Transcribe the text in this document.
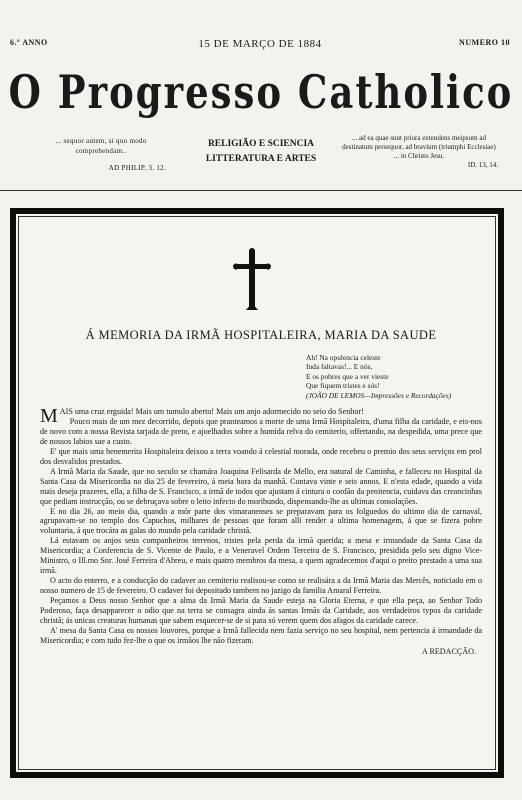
6.º ANNO	15 DE MARÇO DE 1884	NUMERO 10
O Progresso Catholico
... sequor autem, si quo modo comprehendam..
AD PHILIP. 3. 12.
RELIGIÃO E SCIENCIA
LITTERATURA E ARTES
... ad ea quae sunt priora extendens meipsum ad destinatum persequor, ad bravium (triumphi Ecclesiae) ... in Christo Jesu.
ID. 13, 14.
Á MEMORIA DA IRMÃ HOSPITALEIRA, MARIA DA SAUDE
Ah! Na opulencia celeste
Inda faltavas!... E nós,
E os pobres que a ver vieste
Que fiquem tristes e sós!
(JOÃO DE LEMOS—Impressões e Recordações)

MAIS uma cruz erguida! Mais um tumulo aberto! Mais um anjo adormecido no seio do Senhor!

Pouco mais de um mez decorrido, depois que pranteamos a morte de uma Irmã Hospitaleira, d'uma filha da caridade, e eis-nos de novo com a nossa Revista tarjada de preto, e ajoelhados sobre a humida relva do cemiterio, offertando, na despedida, uma prece que de nossos labios sae a custo.

E' que mais uma benemerita Hospitaleira deixou a terra voando á celestial morada, onde recebeu o premio dos seus serviços em prol dos desvalidos prestados.

A Irmã Maria da Saude, que no seculo se chamára Joaquina Felisarda de Mello, era natural de Caminha, e falleceu no Hospital da Santa Casa da Misericordia no dia 25 de fevereiro, á meia hora da manhã. Contava vinte e seis annos. E n'esta edade, quando a vida mais deseja prazeres, ella, a filha de S. Francisco, a irmã de todos que ajustam á cintura o cordão da penitencia, cuidava das creancinhas que pediam instrucção, ou se debruçava sobre o leito infecto do moribundo, dispensando-lhe as ultimas consolações.

E no dia 26, ao meio dia, quando a mór parte dos vimaranenses se preparavam para os folguedos do ultimo dia de carnaval, agrupavam-se no templo dos Capuchos, milhares de pessoas que foram alli render a ultima homenagem, á que se fizera pobre voluntaria, á que trocára as galas do mundo pela caridade christã.

Lá estavam os anjos seus companheiros terrenos, tristes pela perda da irmã querida; a mesa e irmandade da Santa Casa da Misericordia; a Conferencia de S. Vicente de Paulo, e a Veneravel Ordem Terceira de S. Francisco, presidida pelo seu digno Vice-Ministro, o Ill.mo Snr. José Ferreira d'Abreu, e mais quatro membros da mesa, a quem agradecemos d'aqui o preito prestado a uma sua irmã.

O acto do enterro, e a conducção do cadaver ao cemiterio realisou-se como se realisára a da Irmã Maria das Mercês, noticiado em o nosso numero de 15 de fevereiro. O cadaver foi depositado tambem no jazigo da familia Amaral Ferreira.

Peçamos a Deus nosso Senhor que a alma da Irmã Maria da Saude esteja na Gloria Eterna, e que ella peça, ao Senhor Todo Poderoso, faça desapparecer o odio que na terra se consagra ainda ás santas Irmãs da Caridade, aos verdadeiros typos da caridade christã; ás unicas creaturas humanas que sabem esquecer-se de si para só verem quem dos afagos da caridade carece.

A' mesa da Santa Casa os nossos louvores, porque a Irmã fallecida nem fazia serviço no seu hospital, nem pertencia á irmandade da Misericordia; e com tudo fez-lhe o que os irmãos lhe não fizeram.

A REDACÇÃO.
